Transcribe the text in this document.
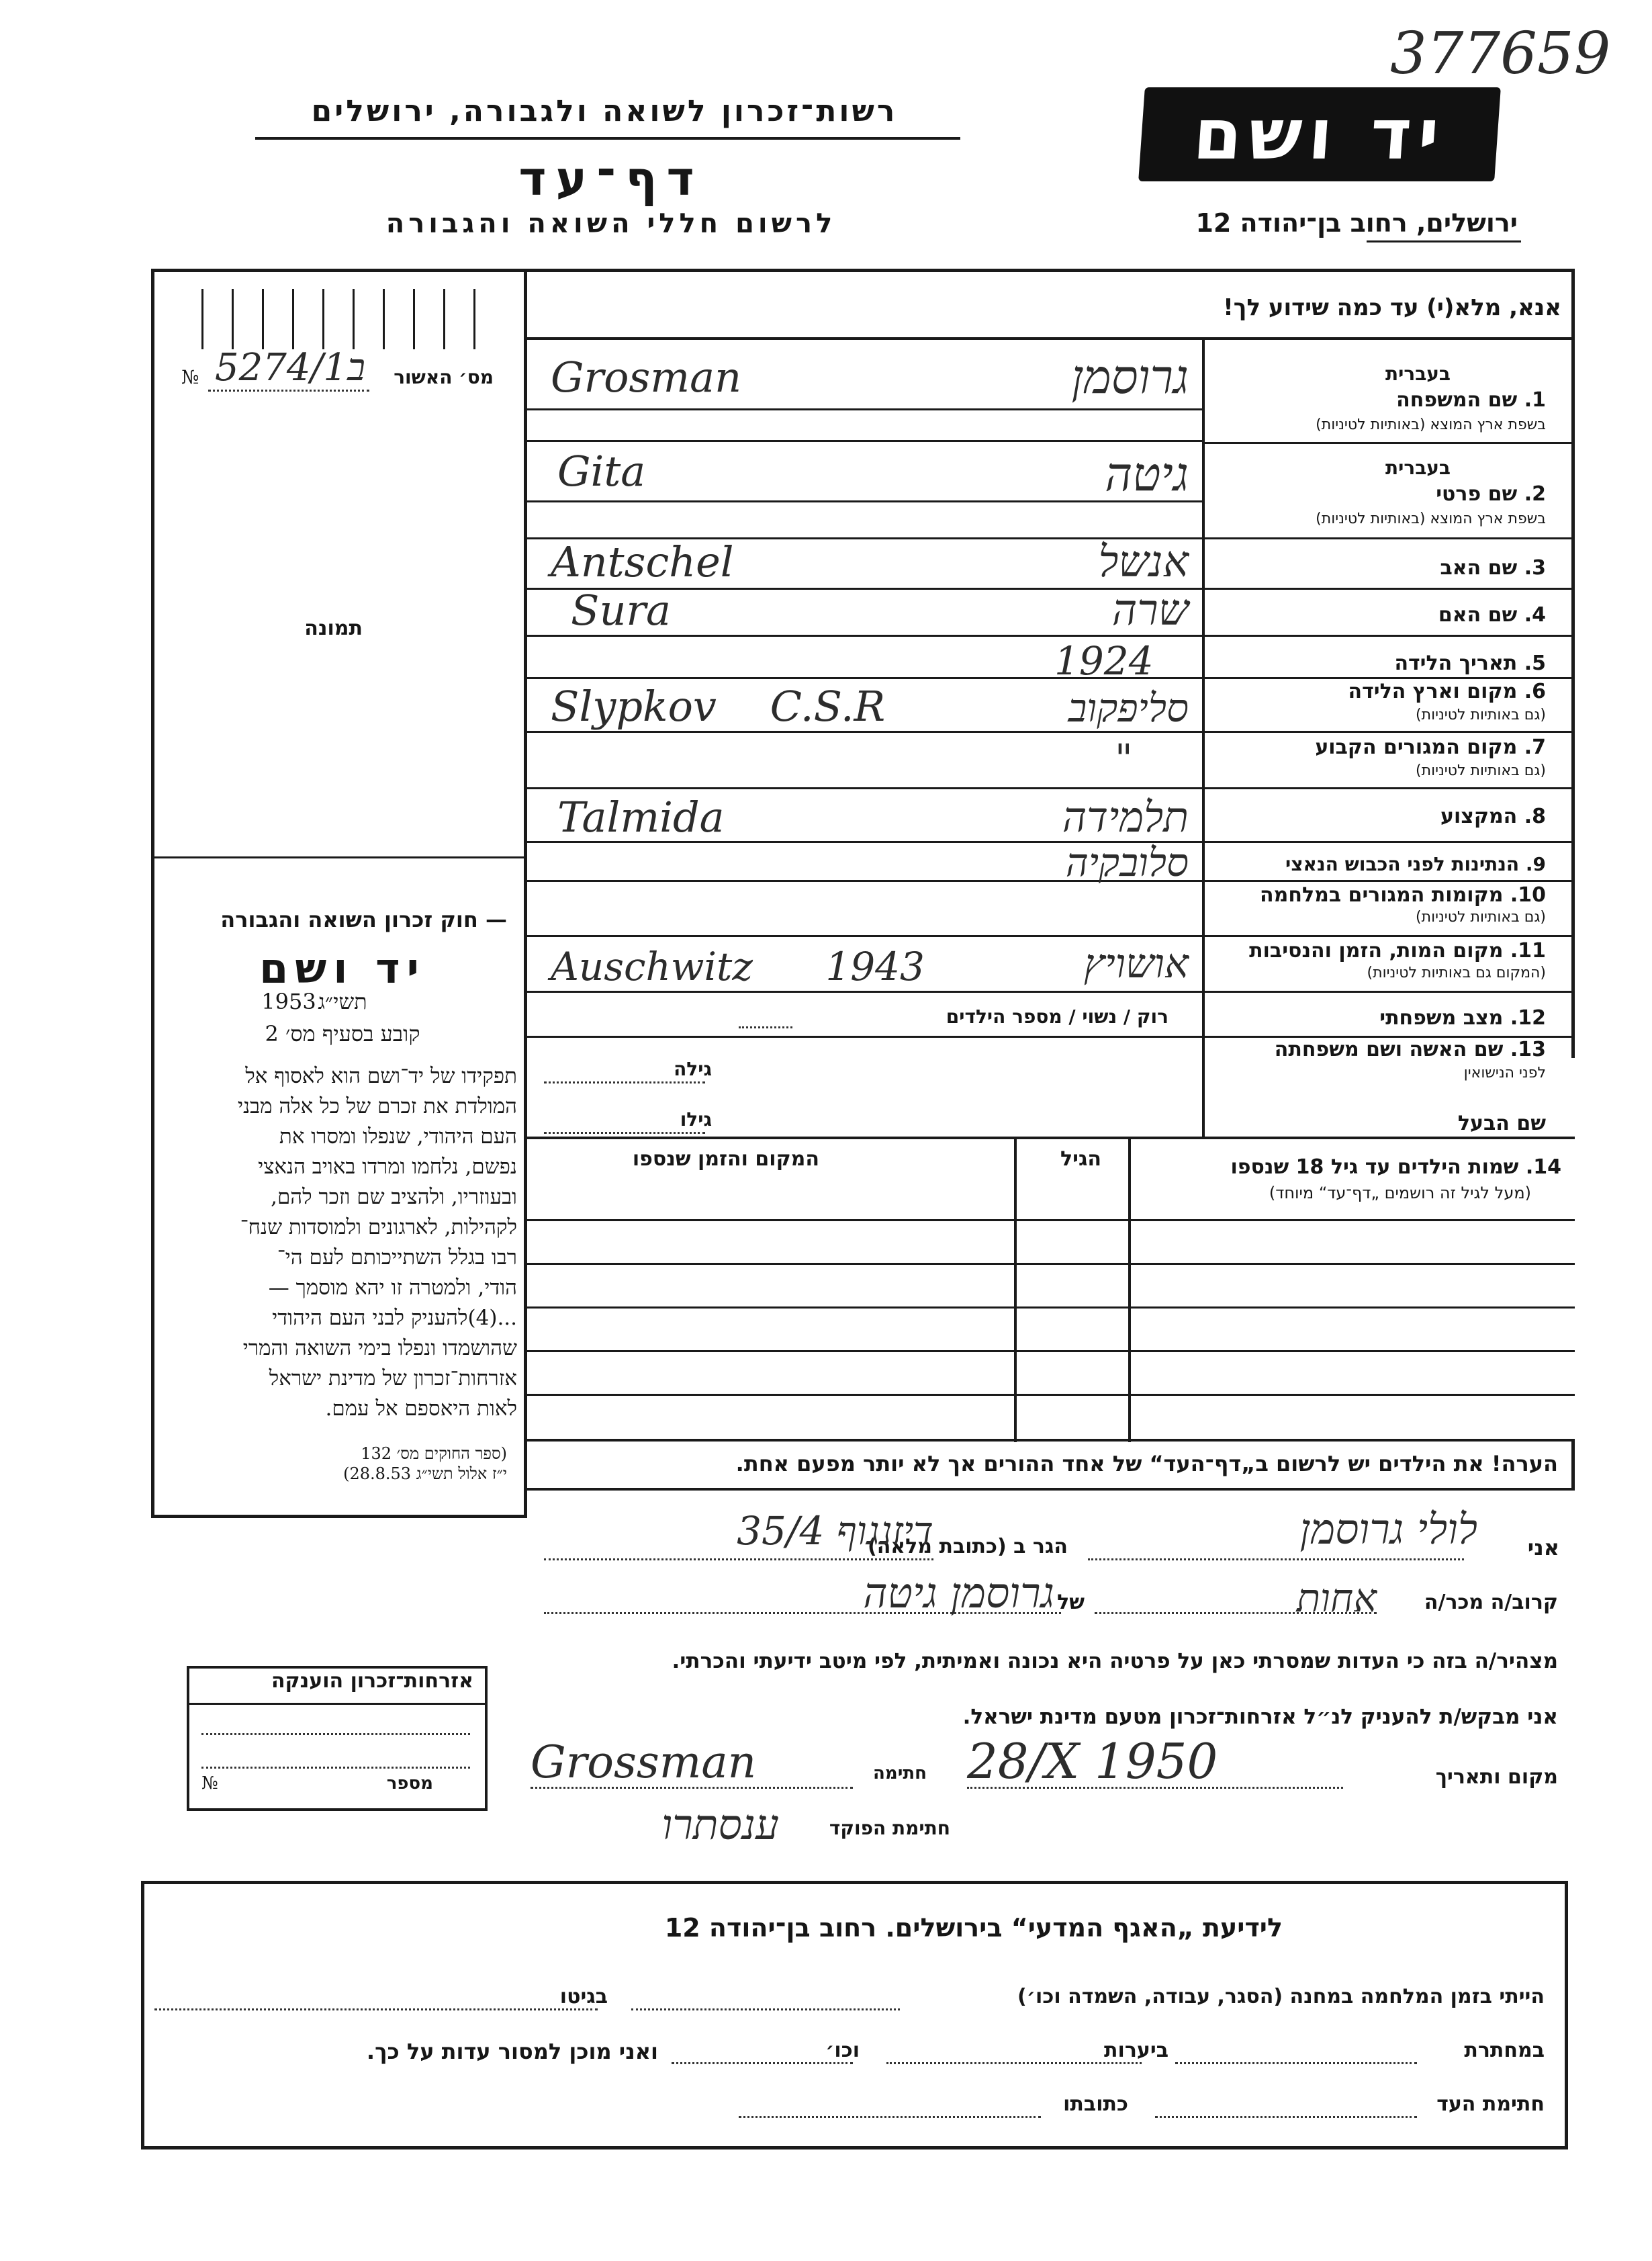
377659
יד ושם
רשות־זכרון לשואה ולגבורה, ירושלים
דף־עד
לרשום חללי השואה והגבורה	ירושלים, רחוב בן־יהודה 12
מס׳ האשור
№ ב5274/1
תמונה
— חוק זכרון השואה והגבורה
יד ושם
תשי״ג
1953
קובע בסעיף מס׳ 2
תפקידו של יד־ושם הוא לאסוף אל
המולדת את זכרם של כל אלה מבני
העם היהודי, שנפלו ומסרו את
נפשם, נלחמו ומרדו באויב הנאצי
ובעוזריו, ולהציב שם וזכר להם,
לקהילות, לארגונים ולמוסדות שנח־
רבו בגלל השתייכותם לעם הי־
הודי, ולמטרה זו יהא מוסמך —
...(4)להעניק לבני העם היהודי
שהושמדו ונפלו בימי השואה והמרי
אזרחות־זכרון של מדינת ישראל
לאות היאספם אל עמם.
(ספר החוקים מס׳ 132
י״ז אלול תשי״ג 28.8.53)
אנא, מלא(י) עד כמה שידוע לך!
בעברית
1. שם המשפחה
בשפת ארץ המוצא (באותיות לטיניות)
בעברית
2. שם פרטי
בשפת ארץ המוצא (באותיות לטיניות)
3. שם האב
4. שם האם
5. תאריך הלידה
6. מקום וארץ הלידה
(גם באותיות לטיניות)
7. מקום המגורים הקבוע
(גם באותיות לטיניות)
8. המקצוע
9. הנתינות לפני הכבוש הנאצי
10. מקומות המגורים במלחמה
(גם באותיות לטיניות)
11. מקום המות, הזמן והנסיבות
(המקום גם באותיות לטיניות)
12. מצב משפחתי
13. שם האשה ושם משפחתה
לפני הנישואין
שם הבעל
גרוסמן
Grosman
גיטה
Gita
אנשל
Antschel
שרה
Sura
1924
סליפקוב
Slypkov C.S.R
"
תלמידה
Talmida
סלובקיה
אושויץ
Auschwitz 1943
רוק / נשוי / מספר הילדים
גילה
גילו
14. שמות הילדים עד גיל 18 שנספו
(מעל לגיל זה רושמים „דף־עד“ מיוחד)
הגיל
המקום והזמן שנספו
הערה! את הילדים יש לרשום ב„דף־העד“ של אחד ההורים אך לא יותר מפעם אחת.
אני
לולי גרוסמן
הגר ב (כתובת מלאה)
דיזנגוף 35/4
קרוב/ה מכר/ה
אחות
של
גרוסמן גיטה
מצהיר/ה בזה כי העדות שמסרתי כאן על פרטיה היא נכונה ואמיתית, לפי מיטב ידיעתי והכרתי.
אני מבקש/ת להעניק לנ״ל אזרחות־זכרון מטעם מדינת ישראל.
מקום ותאריך
28/X 1950
חתימה
Grossman
חתימת הפוקד
ענסתרו
אזרחות־זכרון הוענקה
מספר
№
לידיעת „האגף המדעי“ בירושלים. רחוב בן־יהודה 12
הייתי בזמן המלחמה במחנה (הסגר, עבודה, השמדה וכו׳)
בגיטו
במחתרת
ביערות
וכו׳
ואני מוכן למסור עדות על כך.
חתימת העד
כתובתו
